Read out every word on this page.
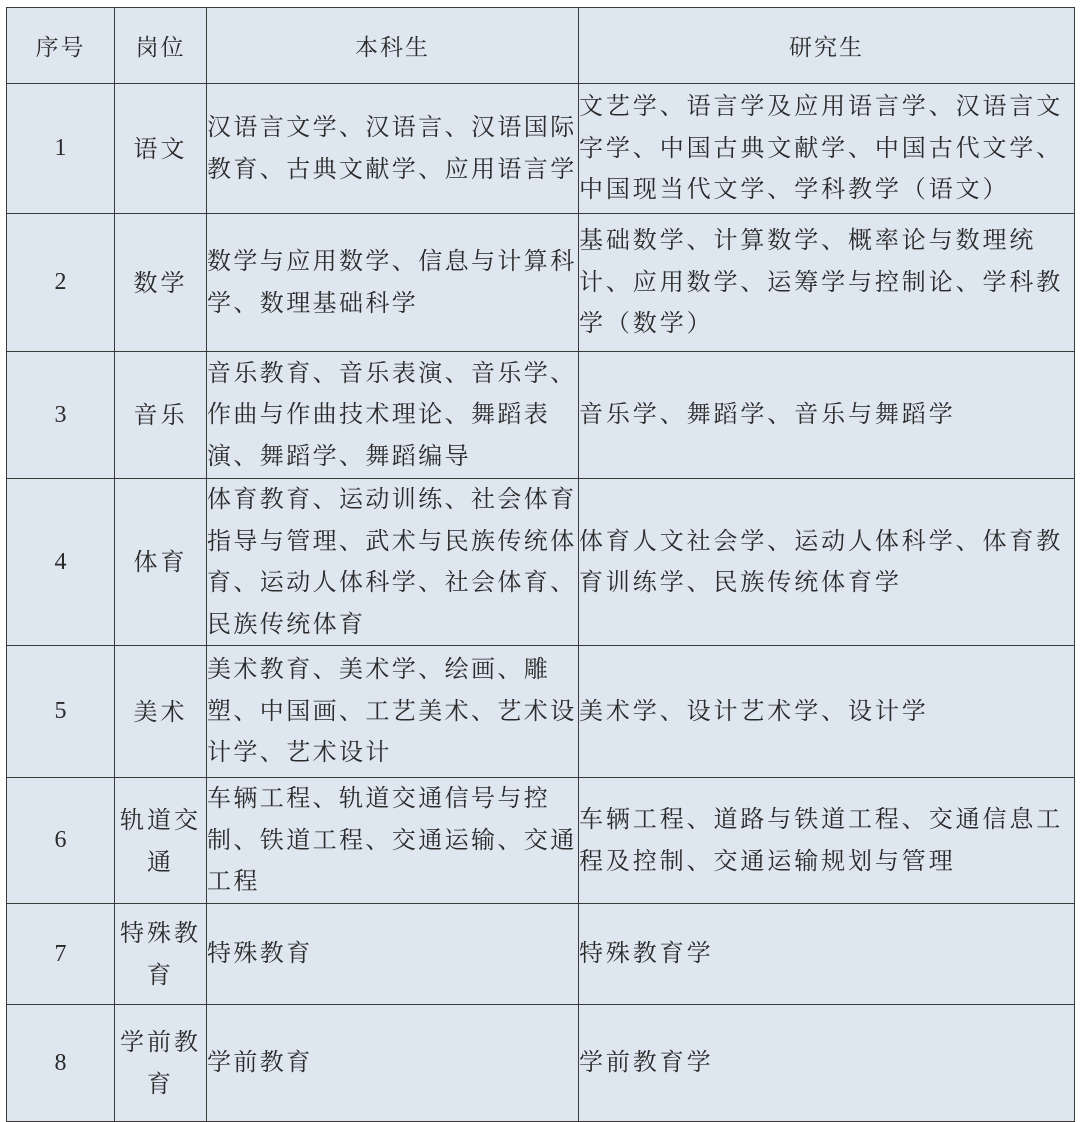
序号	岗位	本科生	研究生
1	语文	汉语言文学、汉语言、汉语国际教育、古典文献学、应用语言学	文艺学、语言学及应用语言学、汉语言文字学、中国古典文献学、中国古代文学、中国现当代文学、学科教学（语文）
2	数学	数学与应用数学、信息与计算科学、数理基础科学	基础数学、计算数学、概率论与数理统计、应用数学、运筹学与控制论、学科教学（数学）
3	音乐	音乐教育、音乐表演、音乐学、作曲与作曲技术理论、舞蹈表演、舞蹈学、舞蹈编导	音乐学、舞蹈学、音乐与舞蹈学
4	体育	体育教育、运动训练、社会体育指导与管理、武术与民族传统体育、运动人体科学、社会体育、民族传统体育	体育人文社会学、运动人体科学、体育教育训练学、民族传统体育学
5	美术	美术教育、美术学、绘画、雕塑、中国画、工艺美术、艺术设计学、艺术设计	美术学、设计艺术学、设计学
6	轨道交通	车辆工程、轨道交通信号与控制、铁道工程、交通运输、交通工程	车辆工程、道路与铁道工程、交通信息工程及控制、交通运输规划与管理
7	特殊教育	特殊教育	特殊教育学
8	学前教育	学前教育	学前教育学
